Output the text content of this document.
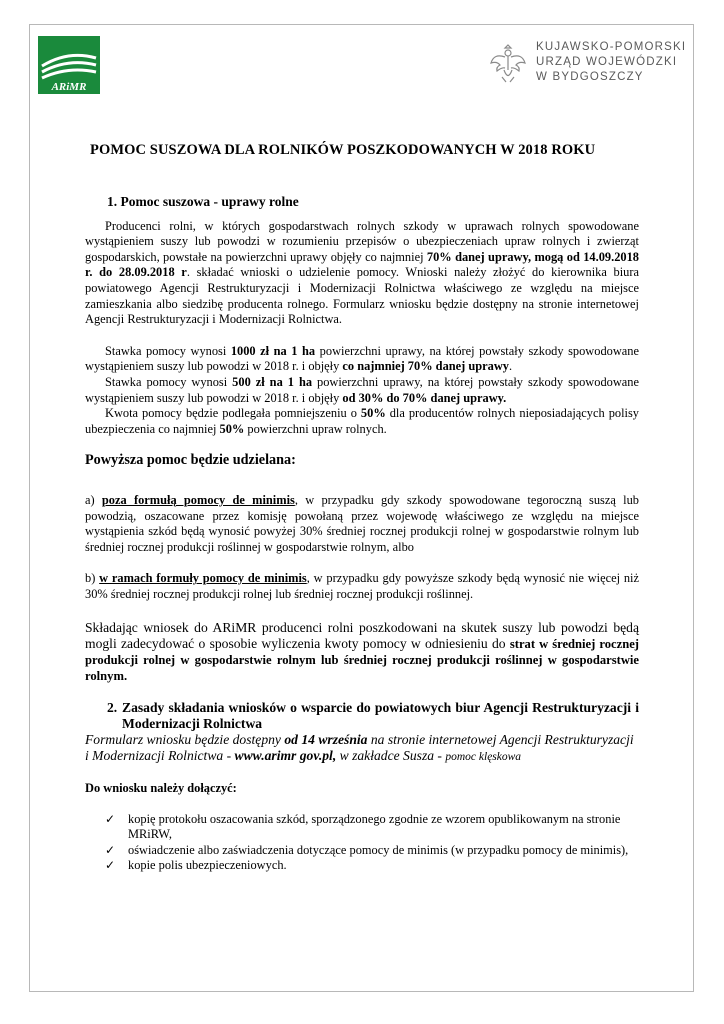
ARiMR
KUJAWSKO-POMORSKI
URZĄD WOJEWÓDZKI
W BYDGOSZCZY
POMOC SUSZOWA DLA ROLNIKÓW POSZKODOWANYCH W 2018 ROKU
1. Pomoc suszowa - uprawy rolne

Producenci rolni, w których gospodarstwach rolnych szkody w uprawach rolnych spowodowane wystąpieniem suszy lub powodzi w rozumieniu przepisów o ubezpieczeniach upraw rolnych i zwierząt gospodarskich, powstałe na powierzchni uprawy objęły co najmniej 70% danej uprawy, mogą od 14.09.2018 r. do 28.09.2018 r. składać wnioski o udzielenie pomocy. Wnioski należy złożyć do kierownika biura powiatowego Agencji Restrukturyzacji i Modernizacji Rolnictwa właściwego ze względu na miejsce zamieszkania albo siedzibę producenta rolnego. Formularz wniosku będzie dostępny na stronie internetowej Agencji Restrukturyzacji i Modernizacji Rolnictwa.

Stawka pomocy wynosi 1000 zł na 1 ha powierzchni uprawy, na której powstały szkody spowodowane wystąpieniem suszy lub powodzi w 2018 r. i objęły co najmniej 70% danej uprawy.

Stawka pomocy wynosi 500 zł na 1 ha powierzchni uprawy, na której powstały szkody spowodowane wystąpieniem suszy lub powodzi w 2018 r. i objęły od 30% do 70% danej uprawy.

Kwota pomocy będzie podlegała pomniejszeniu o 50% dla producentów rolnych nieposiadających polisy ubezpieczenia co najmniej 50% powierzchni upraw rolnych.

Powyższa pomoc będzie udzielana:

a) poza formułą pomocy de minimis, w przypadku gdy szkody spowodowane tegoroczną suszą lub powodzią, oszacowane przez komisję powołaną przez wojewodę właściwego ze względu na miejsce wystąpienia szkód będą wynosić powyżej 30% średniej rocznej produkcji rolnej w gospodarstwie rolnym lub średniej rocznej produkcji roślinnej w gospodarstwie rolnym, albo

b) w ramach formuły pomocy de minimis, w przypadku gdy powyższe szkody będą wynosić nie więcej niż 30% średniej rocznej produkcji rolnej lub średniej rocznej produkcji roślinnej.

Składając wniosek do ARiMR producenci rolni poszkodowani na skutek suszy lub powodzi będą mogli zadecydować o sposobie wyliczenia kwoty pomocy w odniesieniu do strat w średniej rocznej produkcji rolnej w gospodarstwie rolnym lub średniej rocznej produkcji roślinnej w gospodarstwie rolnym.

2. Zasady składania wniosków o wsparcie do powiatowych biur Agencji Restrukturyzacji i Modernizacji Rolnictwa

Formularz wniosku będzie dostępny od 14 września na stronie internetowej Agencji Restrukturyzacji i Modernizacji Rolnictwa - www.arimr gov.pl, w zakładce Susza - pomoc klęskowa

Do wniosku należy dołączyć:
✓ kopię protokołu oszacowania szkód, sporządzonego zgodnie ze wzorem opublikowanym na stronie MRiRW,
✓ oświadczenie albo zaświadczenia dotyczące pomocy de minimis (w przypadku pomocy de minimis),
✓ kopie polis ubezpieczeniowych.
